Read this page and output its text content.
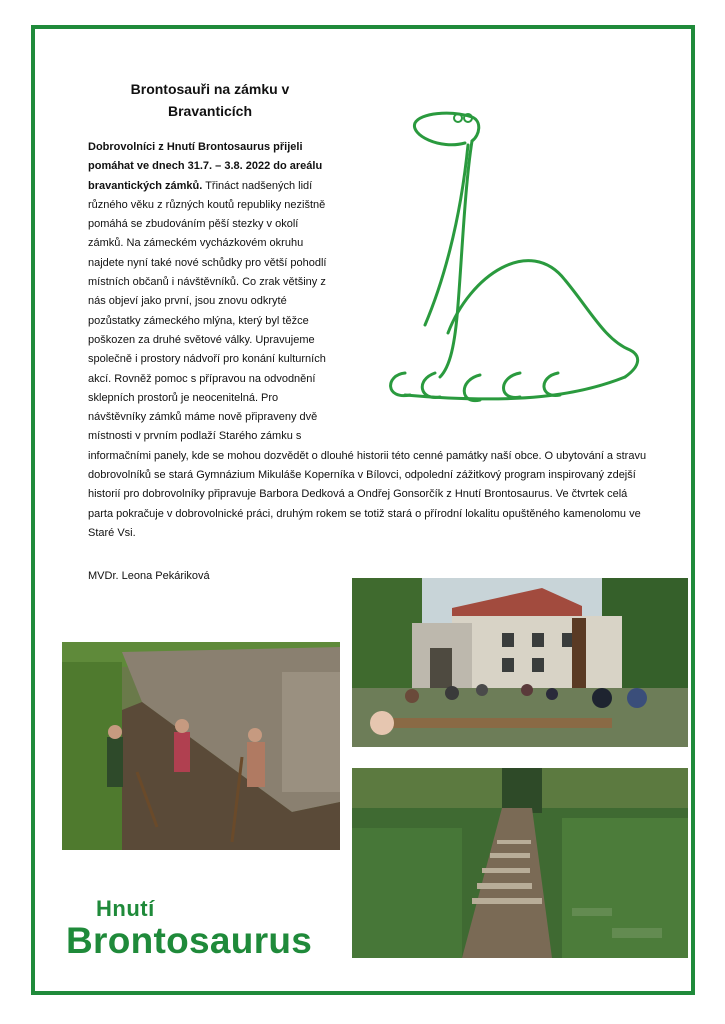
Brontosauři na zámku v Bravanticích
Dobrovolníci z Hnutí Brontosaurus přijeli pomáhat ve dnech 31.7. – 3.8. 2022 do areálu bravantických zámků. Třináct nadšených lidí různého věku z různých koutů republiky nezištně pomáhá se zbudováním pěší stezky v okolí zámků. Na zámeckém vycházkovém okruhu najdete nyní také nové schůdky pro větší pohodlí místních občanů i návštěvníků. Co zrak většiny z nás objeví jako první, jsou znovu odkryté pozůstatky zámeckého mlýna, který byl těžce poškozen za druhé světové války. Upravujeme společně i prostory nádvoří pro konání kulturních akcí. Rovněž pomoc s přípravou na odvodnění sklepních prostorů je neocenitelná. Pro návštěvníky zámků máme nově připraveny dvě místnosti v prvním podlaží Starého zámku s informačními panely, kde se mohou dozvědět o dlouhé historii této cenné památky naší obce. O ubytování a stravu dobrovolníků se stará Gymnázium Mikuláše Koperníka v Bílovci, odpolední zážitkový program inspirovaný zdejší historií pro dobrovolníky připravuje Barbora Dedková a Ondřej Gonsorčík z Hnutí Brontosaurus. Ve čtvrtek celá parta pokračuje v dobrovolnické práci, druhým rokem se totiž stará o přírodní lokalitu opuštěného kamenolomu ve Staré Vsi.
MVDr. Leona Pekáriková
Hnutí
Brontosaurus
